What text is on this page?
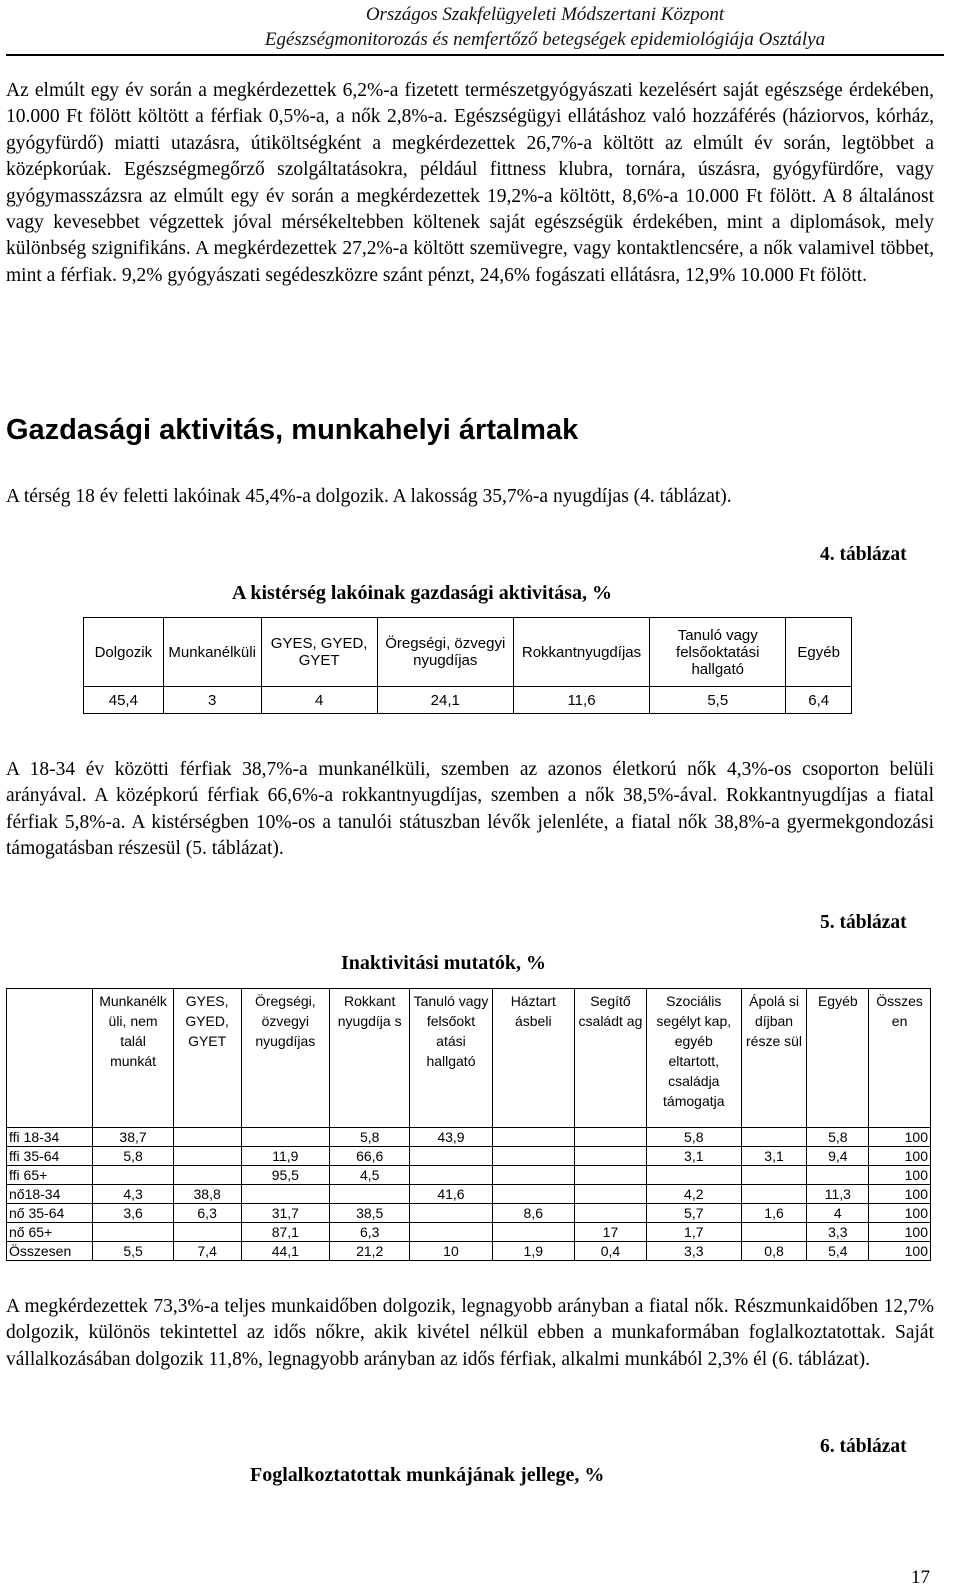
Országos Szakfelügyeleti Módszertani Központ
Egészségmonitorozás és nemfertőző betegségek epidemiológiája Osztálya
Az elmúlt egy év során a megkérdezettek 6,2%-a fizetett természetgyógyászati kezelésért saját egészsége érdekében, 10.000 Ft fölött költött a férfiak 0,5%-a, a nők 2,8%-a. Egészségügyi ellátáshoz való hozzáférés (háziorvos, kórház, gyógyfürdő) miatti utazásra, útiköltségként a megkérdezettek 26,7%-a költött az elmúlt év során, legtöbbet a középkorúak. Egészségmegőrző szolgáltatásokra, például fittness klubra, tornára, úszásra, gyógyfürdőre, vagy gyógymasszázsra az elmúlt egy év során a megkérdezettek 19,2%-a költött, 8,6%-a 10.000 Ft fölött. A 8 általánost vagy kevesebbet végzettek jóval mérsékeltebben költenek saját egészségük érdekében, mint a diplomások, mely különbség szignifikáns. A megkérdezettek 27,2%-a költött szemüvegre, vagy kontaktlencsére, a nők valamivel többet, mint a férfiak. 9,2% gyógyászati segédeszközre szánt pénzt, 24,6% fogászati ellátásra, 12,9% 10.000 Ft fölött.
Gazdasági aktivitás, munkahelyi ártalmak
A térség 18 év feletti lakóinak 45,4%-a dolgozik. A lakosság 35,7%-a nyugdíjas (4. táblázat).
4. táblázat
A kistérség lakóinak gazdasági aktivitása, %
Dolgozik	Munkanélküli	GYES, GYED, GYET	Öregségi, özvegyi nyugdíjas	Rokkantnyugdíjas	Tanuló vagy felsőoktatási hallgató	Egyéb
45,4	3	4	24,1	11,6	5,5	6,4
A 18-34 év közötti férfiak 38,7%-a munkanélküli, szemben az azonos életkorú nők 4,3%-os csoporton belüli arányával. A középkorú férfiak 66,6%-a rokkantnyugdíjas, szemben a nők 38,5%-ával. Rokkantnyugdíjas a fiatal férfiak 5,8%-a. A kistérségben 10%-os a tanulói státuszban lévők jelenléte, a fiatal nők 38,8%-a gyermekgondozási támogatásban részesül (5. táblázat).
5. táblázat
Inaktivitási mutatók, %
	Munkanélk üli, nem talál munkát	GYES, GYED, GYET	Öregségi, özvegyi nyugdíjas	Rokkant nyugdíja s	Tanuló vagy felsőokt atási hallgató	Háztart ásbeli	Segítő családt ag	Szociális segélyt kap, egyéb eltartott, családja támogatja	Ápolá si díjban része sül	Egyéb	Összes en
ffi 18-34	38,7			5,8	43,9			5,8		5,8	100
ffi 35-64	5,8		11,9	66,6				3,1	3,1	9,4	100
ffi 65+			95,5	4,5							100
nő18-34	4,3	38,8			41,6			4,2		11,3	100
nő 35-64	3,6	6,3	31,7	38,5		8,6		5,7	1,6	4	100
nő 65+			87,1	6,3			17	1,7		3,3	100
Összesen	5,5	7,4	44,1	21,2	10	1,9	0,4	3,3	0,8	5,4	100
A megkérdezettek 73,3%-a teljes munkaidőben dolgozik, legnagyobb arányban a fiatal nők. Részmunkaidőben 12,7% dolgozik, különös tekintettel az idős nőkre, akik kivétel nélkül ebben a munkaformában foglalkoztatottak. Saját vállalkozásában dolgozik 11,8%, legnagyobb arányban az idős férfiak, alkalmi munkából 2,3% él (6. táblázat).
6. táblázat
Foglalkoztatottak munkájának jellege, %
17
